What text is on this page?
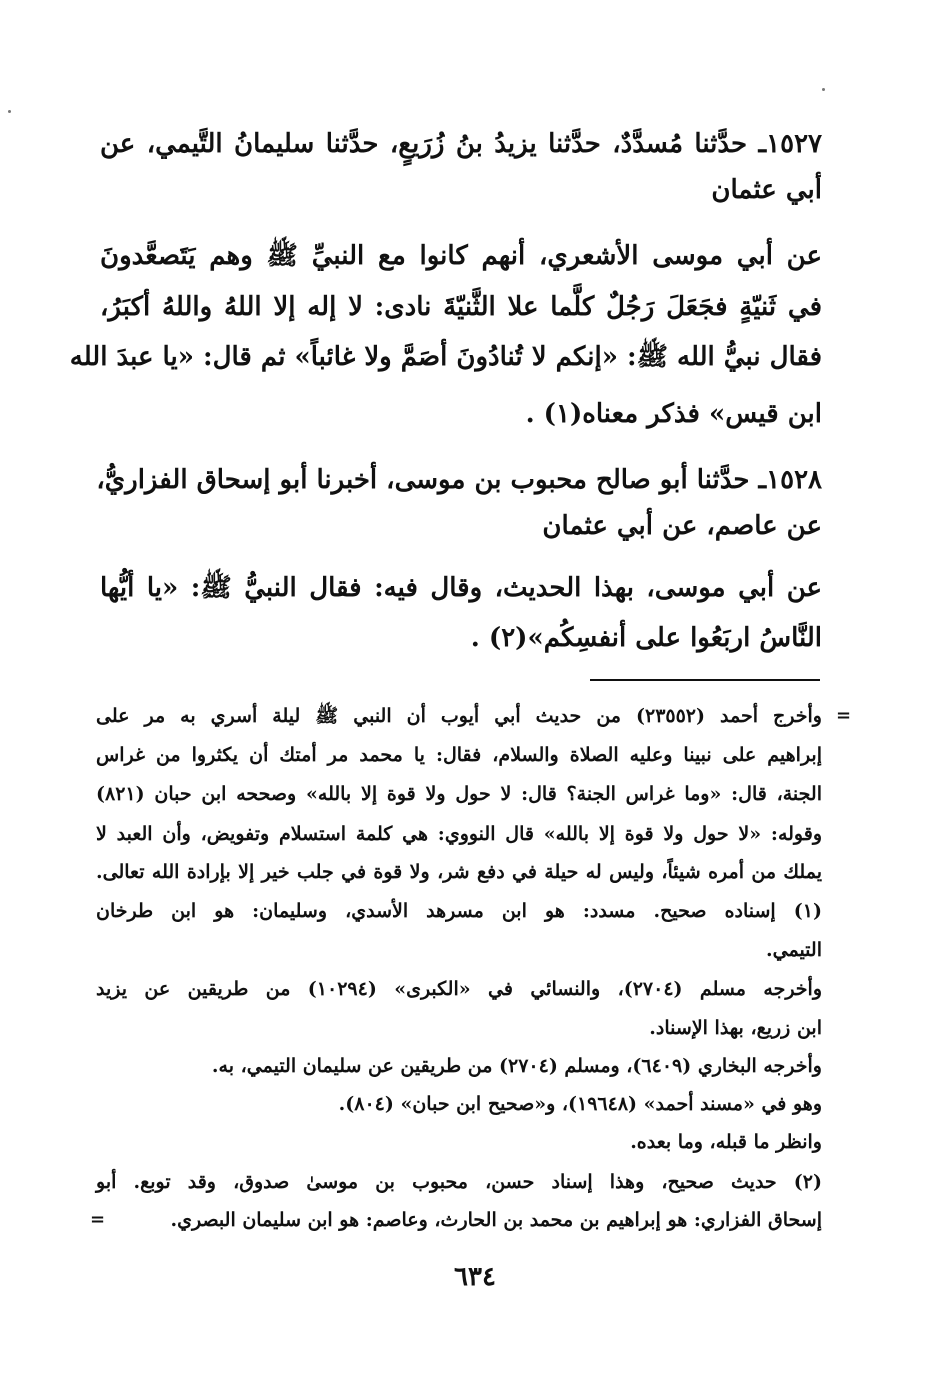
١٥٢٧ـ حدَّثنا مُسدَّدٌ، حدَّثنا يزيدُ بنُ زُرَيعٍ، حدَّثنا سليمانُ التَّيمي، عن
أبي عثمان
عن أبي موسى الأشعري، أنهم كانوا مع النبيِّ ﷺ وهم يَتَصعَّدونَ
في ثَنيّةٍ فجَعَلَ رَجُلٌ كلَّما علا الثَّنيّةَ نادى: لا إله إلا اللهُ واللهُ أكبَرُ،
فقال نبيُّ الله ﷺ: «إنكم لا تُنادُونَ أصَمَّ ولا غائباً» ثم قال: «يا عبدَ الله
ابن قيس» فذكر معناه(١) .
١٥٢٨ـ حدَّثنا أبو صالح محبوب بن موسى، أخبرنا أبو إسحاق الفزاريُّ،
عن عاصم، عن أبي عثمان
عن أبي موسى، بهذا الحديث، وقال فيه: فقال النبيُّ ﷺ: «يا أيُّها
النَّاسُ اربَعُوا على أنفسِكُم»(٢) .
=
وأخرج أحمد (٢٣٥٥٢) من حديث أبي أيوب أن النبي ﷺ ليلة أسري به مر على
إبراهيم على نبينا وعليه الصلاة والسلام، فقال: يا محمد مر أمتك أن يكثروا من غراس
الجنة، قال: «وما غراس الجنة؟ قال: لا حول ولا قوة إلا بالله» وصححه ابن حبان (٨٢١)
وقوله: «لا حول ولا قوة إلا بالله» قال النووي: هي كلمة استسلام وتفويض، وأن العبد لا
يملك من أمره شيئاً، وليس له حيلة في دفع شر، ولا قوة في جلب خير إلا بإرادة الله تعالى.
(١) إسناده صحيح. مسدد: هو ابن مسرهد الأسدي، وسليمان: هو ابن طرخان
التيمي.
وأخرجه مسلم (٢٧٠٤)، والنسائي في «الكبرى» (١٠٢٩٤) من طريقين عن يزيد
ابن زريع، بهذا الإسناد.
وأخرجه البخاري (٦٤٠٩)، ومسلم (٢٧٠٤) من طريقين عن سليمان التيمي، به.
وهو في «مسند أحمد» (١٩٦٤٨)، و«صحيح ابن حبان» (٨٠٤).
وانظر ما قبله، وما بعده.
(٢) حديث صحيح، وهذا إسناد حسن، محبوب بن موسىٰ صدوق، وقد توبع. أبو
إسحاق الفزاري: هو إبراهيم بن محمد بن الحارث، وعاصم: هو ابن سليمان البصري.
=
٦٣٤
